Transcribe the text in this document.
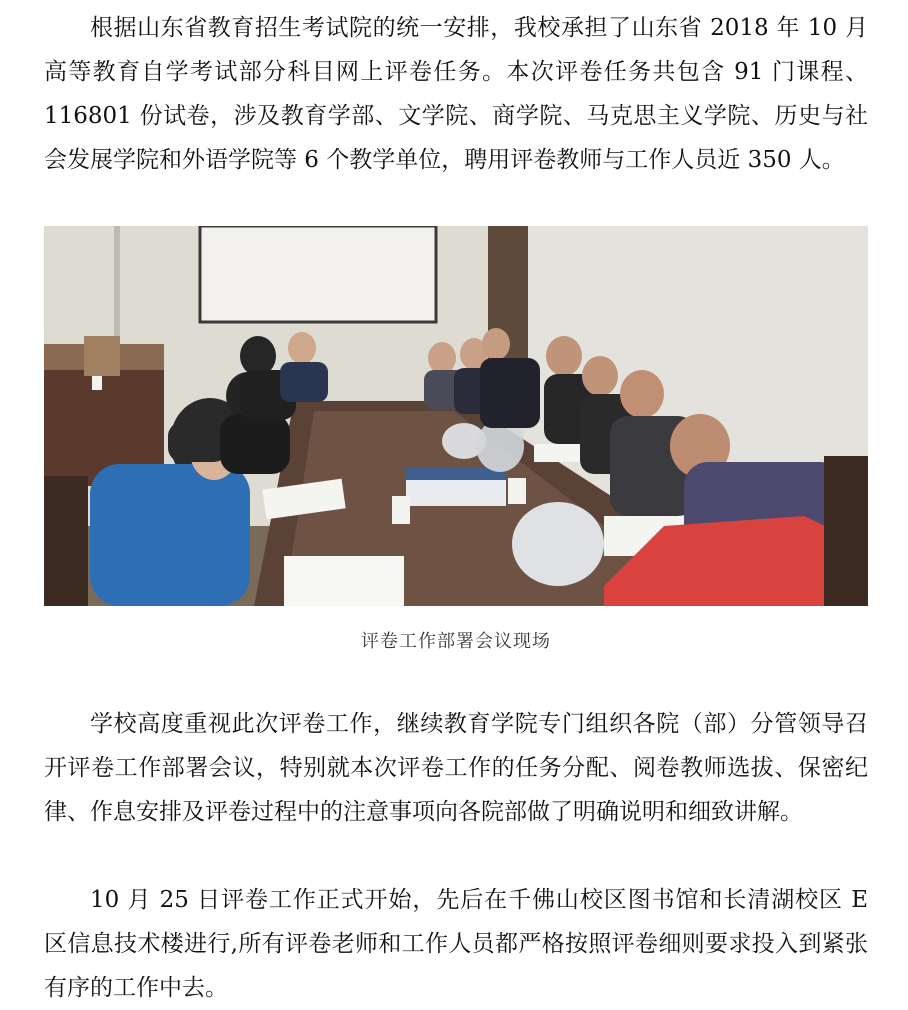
根据山东省教育招生考试院的统一安排，我校承担了山东省 2018 年 10 月高等教育自学考试部分科目网上评卷任务。本次评卷任务共包含 91 门课程、116801 份试卷，涉及教育学部、文学院、商学院、马克思主义学院、历史与社会发展学院和外语学院等 6 个教学单位，聘用评卷教师与工作人员近 350 人。

评卷工作部署会议现场

学校高度重视此次评卷工作，继续教育学院专门组织各院（部）分管领导召开评卷工作部署会议，特别就本次评卷工作的任务分配、阅卷教师选拔、保密纪律、作息安排及评卷过程中的注意事项向各院部做了明确说明和细致讲解。

10 月 25 日评卷工作正式开始，先后在千佛山校区图书馆和长清湖校区 E 区信息技术楼进行,所有评卷老师和工作人员都严格按照评卷细则要求投入到紧张有序的工作中去。
